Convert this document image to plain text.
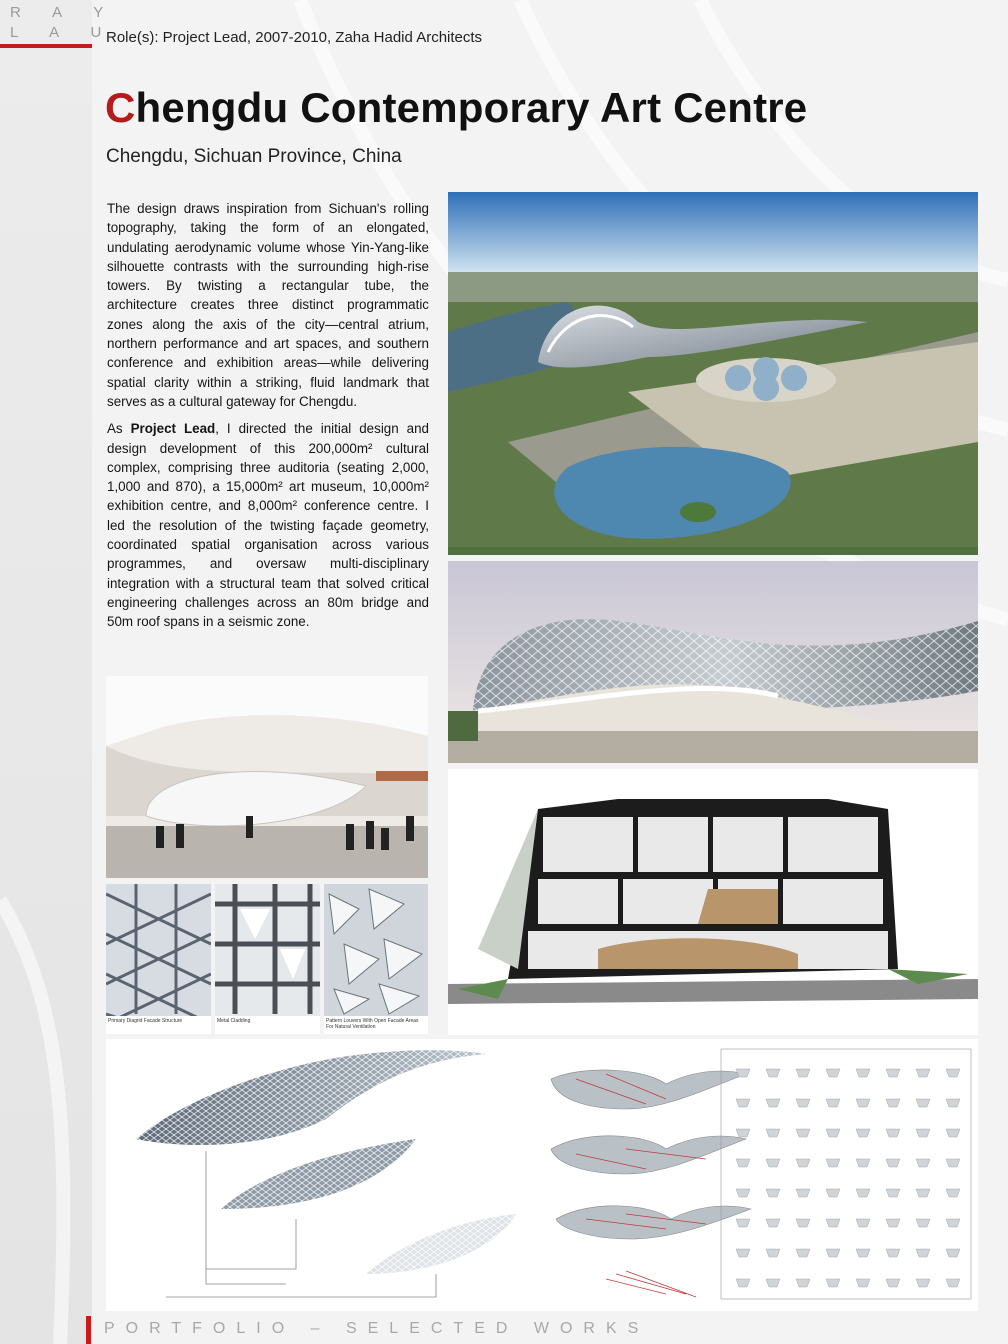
R A Y
L A U
Role(s): Project Lead, 2007-2010, Zaha Hadid Architects
Chengdu Contemporary Art Centre
Chengdu, Sichuan Province, China

The design draws inspiration from Sichuan's rolling topography, taking the form of an elongated, undulating aerodynamic volume whose Yin-Yang-like silhouette contrasts with the surrounding high-rise towers. By twisting a rectangular tube, the architecture creates three distinct programmatic zones along the axis of the city—central atrium, northern performance and art spaces, and southern conference and exhibition areas—while delivering spatial clarity within a striking, fluid landmark that serves as a cultural gateway for Chengdu.

As Project Lead, I directed the initial design and design development of this 200,000m² cultural complex, comprising three auditoria (seating 2,000, 1,000 and 870), a 15,000m² art museum, 10,000m² exhibition centre, and 8,000m² conference centre. I led the resolution of the twisting façade geometry, coordinated spatial organisation across various programmes, and oversaw multi-disciplinary integration with a structural team that solved critical engineering challenges across an 80m bridge and 50m roof spans in a seismic zone.

Primary Diagrid Facade Structure	Metal Cladding	Pattern Louvers With Open Facade Areas For Natural Ventilation
PORTFOLIO – SELECTED WORKS
